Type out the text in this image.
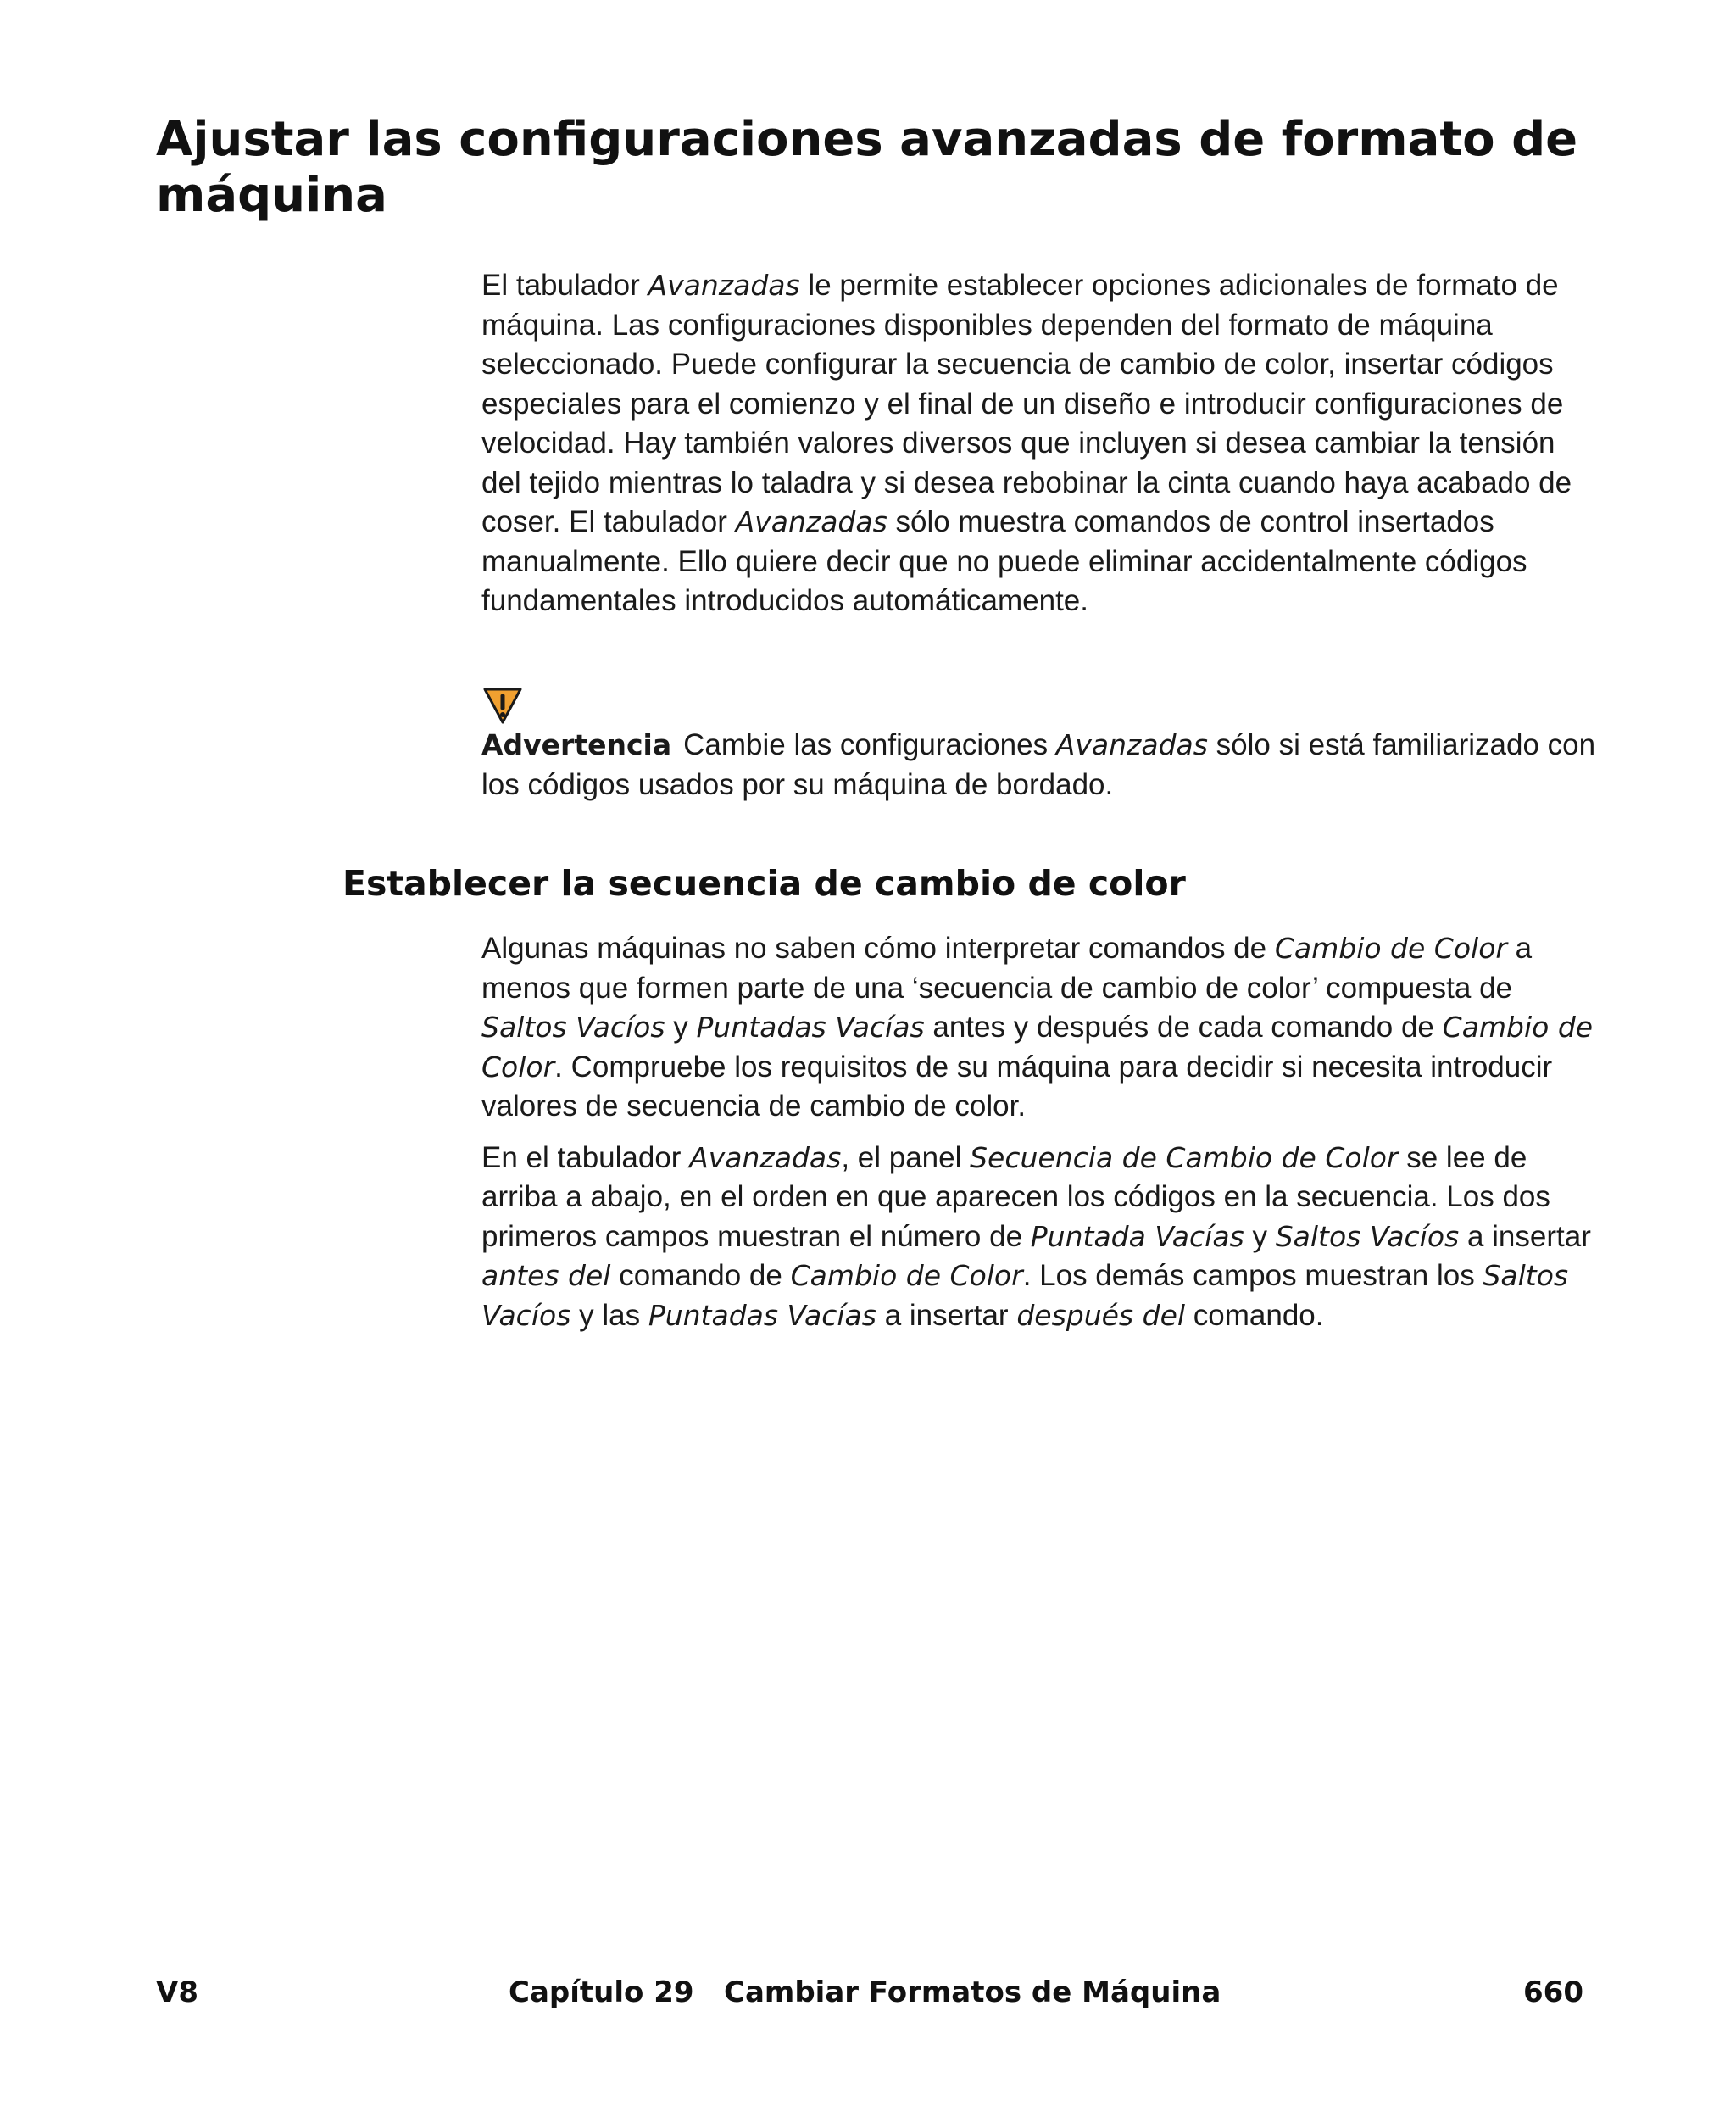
Ajustar las configuraciones avanzadas de formato de máquina

El tabulador Avanzadas le permite establecer opciones adicionales de formato de máquina. Las configuraciones disponibles dependen del formato de máquina seleccionado. Puede configurar la secuencia de cambio de color, insertar códigos especiales para el comienzo y el final de un diseño e introducir configuraciones de velocidad. Hay también valores diversos que incluyen si desea cambiar la tensión del tejido mientras lo taladra y si desea rebobinar la cinta cuando haya acabado de coser. El tabulador Avanzadas sólo muestra comandos de control insertados manualmente. Ello quiere decir que no puede eliminar accidentalmente códigos fundamentales introducidos automáticamente.

Advertencia Cambie las configuraciones Avanzadas sólo si está familiarizado con los códigos usados por su máquina de bordado.

Establecer la secuencia de cambio de color

Algunas máquinas no saben cómo interpretar comandos de Cambio de Color a menos que formen parte de una ‘secuencia de cambio de color’ compuesta de Saltos Vacíos y Puntadas Vacías antes y después de cada comando de Cambio de Color. Compruebe los requisitos de su máquina para decidir si necesita introducir valores de secuencia de cambio de color.

En el tabulador Avanzadas, el panel Secuencia de Cambio de Color se lee de arriba a abajo, en el orden en que aparecen los códigos en la secuencia. Los dos primeros campos muestran el número de Puntada Vacías y Saltos Vacíos a insertar antes del comando de Cambio de Color. Los demás campos muestran los Saltos Vacíos y las Puntadas Vacías a insertar después del comando.

V8	Capítulo 29   Cambiar Formatos de Máquina	660
